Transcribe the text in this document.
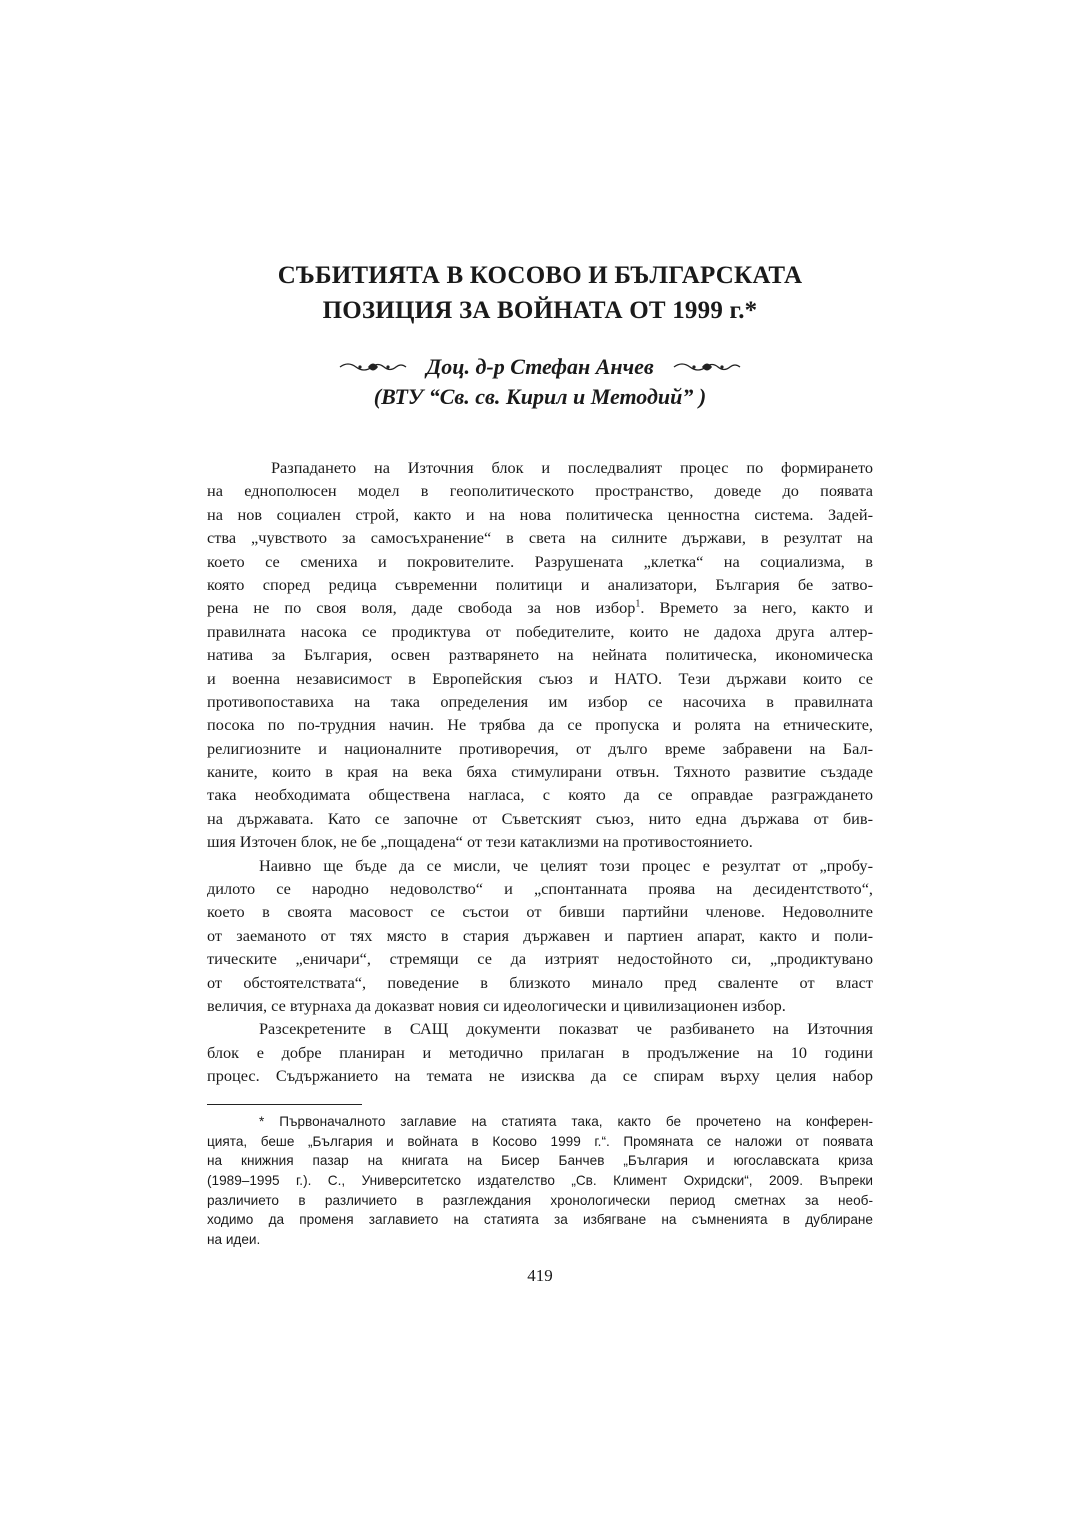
СЪБИТИЯТА В КОСОВО И БЪЛГАРСКАТА
ПОЗИЦИЯ ЗА ВОЙНАТА ОТ 1999 г.*
Доц. д-р Стефан Анчев
(ВТУ “Св. св. Кирил и Методий” )
Разпадането на Източния блок и последвалият процес по формирането
на еднополюсен модел в геополитическото пространство, доведе до появата
на нов социален строй, както и на нова политическа ценностна система. Задей-
ства „чувството за самосъхранение“ в света на силните държави, в резултат на
което се смениха и покровителите. Разрушената „клетка“ на социализма, в
която според редица съвременни политици и анализатори, България бе затво-
рена не по своя воля, даде свобода за нов избор$^1$. Времето за него, както и
правилната насока се продиктува от победителите, които не дадоха друга алтер-
натива за България, освен разтварянето на нейната политическа, икономическа
и военна независимост в Европейския съюз и НАТО. Тези държави които се
противопоставиха на така определения им избор се насочиха в правилната
посока по по-трудния начин. Не трябва да се пропуска и ролята на етническите,
религиозните и националните противоречия, от дълго време забравени на Бал-
каните, които в края на века бяха стимулирани отвън. Тяхното развитие създаде
така необходимата обществена нагласа, с която да се оправдае разграждането
на държавата. Като се започне от Съветският съюз, нито една държава от бив-
шия Източен блок, не бе „пощадена“ от тези катаклизми на противостоянието.
Наивно ще бъде да се мисли, че целият този процес е резултат от „пробу-
дилото се народно недоволство“ и „спонтанната проява на десидентството“,
което в своята масовост се състои от бивши партийни членове. Недоволните
от заеманото от тях място в стария държавен и партиен апарат, както и поли-
тическите „еничари“, стремящи се да изтрият недостойното си, „продиктувано
от обстоятелствата“, поведение в близкото минало пред сваленте от власт
величия, се втурнаха да доказват новия си идеологически и цивилизационен избор.
Разсекретените в САЩ документи показват че разбиването на Източния
блок е добре планиран и методично прилаган в продължение на 10 години
процес. Съдържанието на темата не изисква да се спирам върху целия набор
* Първоначалното заглавие на статията така, както бе прочетено на конферен-
цията, беше „България и войната в Косово 1999 г.“. Промяната се наложи от появата
на книжния пазар на книгата на Бисер Банчев „България и югославската криза
(1989–1995 г.). С., Университетско издателство „Св. Климент Охридски“, 2009. Въпреки
различието в различието в разглеждания хронологически период сметнах за необ-
ходимо да променя заглавието на статията за избягване на съмненията в дублиране
на идеи.
419
